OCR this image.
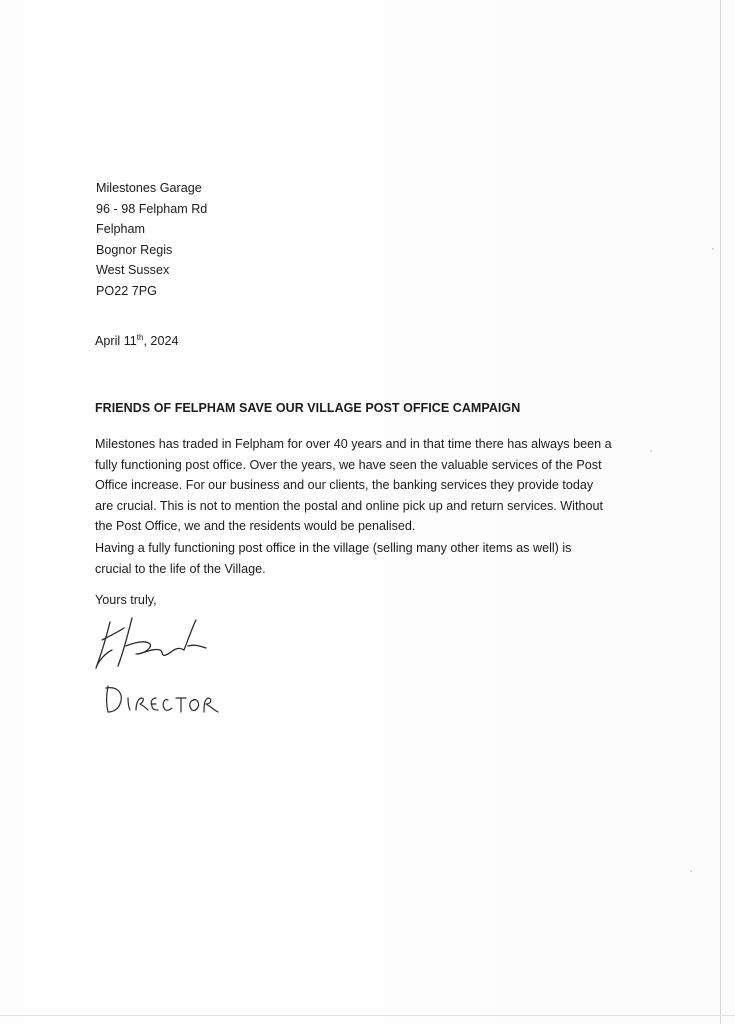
Milestones Garage
96 - 98 Felpham Rd
Felpham
Bognor Regis
West Sussex
PO22 7PG
April 11th, 2024
FRIENDS OF FELPHAM SAVE OUR VILLAGE POST OFFICE CAMPAIGN
Milestones has traded in Felpham for over 40 years and in that time there has always been a
fully functioning post office. Over the years, we have seen the valuable services of the Post
Office increase. For our business and our clients, the banking services they provide today
are crucial. This is not to mention the postal and online pick up and return services. Without
the Post Office, we and the residents would be penalised.
Having a fully functioning post office in the village (selling many other items as well) is
crucial to the life of the Village.
Yours truly,
